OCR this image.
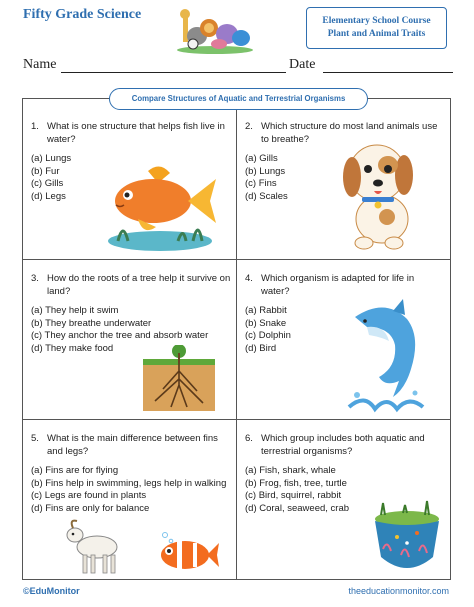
Fifty Grade Science	Elementary School Course
Plant and Animal Traits
Name	Date
Compare Structures of Aquatic and Terrestrial Organisms
1. What is one structure that helps fish live in water?
(a) Lungs
(b) Fur
(c) Gills
(d) Legs
2. Which structure do most land animals use to breathe?
(a) Gills
(b) Lungs
(c) Fins
(d) Scales
3. How do the roots of a tree help it survive on land?
(a) They help it swim
(b) They breathe underwater
(c) They anchor the tree and absorb water
(d) They make food
4. Which organism is adapted for life in water?
(a) Rabbit
(b) Snake
(c) Dolphin
(d) Bird
5. What is the main difference between fins and legs?
(a) Fins are for flying
(b) Fins help in swimming, legs help in walking
(c) Legs are found in plants
(d) Fins are only for balance
6. Which group includes both aquatic and terrestrial organisms?
(a) Fish, shark, whale
(b) Frog, fish, tree, turtle
(c) Bird, squirrel, rabbit
(d) Coral, seaweed, crab
©EduMonitor	theeducationmonitor.com
